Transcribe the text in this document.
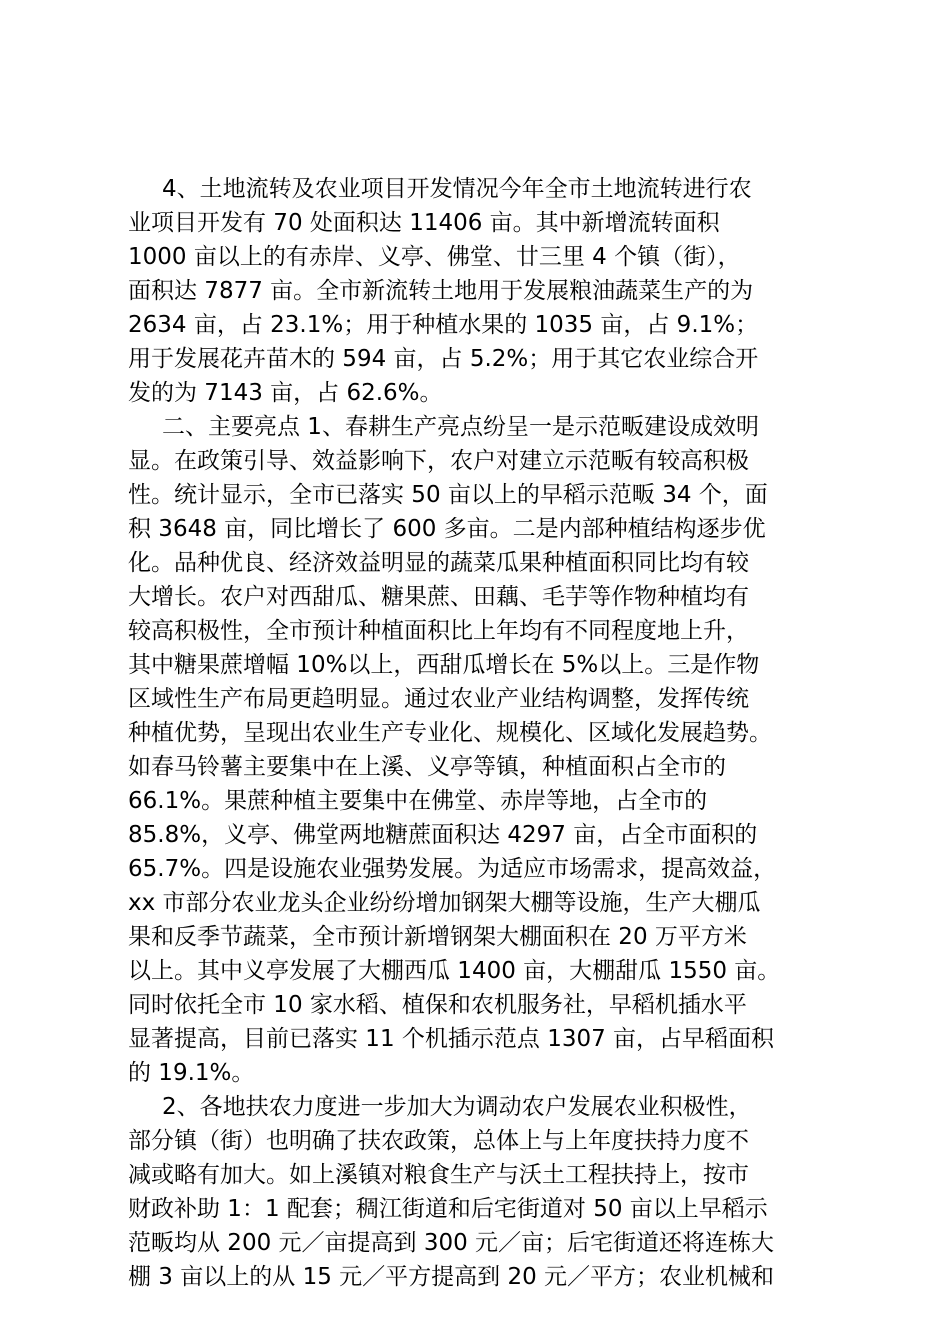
4、土地流转及农业项目开发情况今年全市土地流转进行农
业项目开发有 70 处面积达 11406 亩。其中新增流转面积
1000 亩以上的有赤岸、义亭、佛堂、廿三里 4 个镇（街），
面积达 7877 亩。全市新流转土地用于发展粮油蔬菜生产的为
2634 亩，占 23.1%；用于种植水果的 1035 亩，占 9.1%；
用于发展花卉苗木的 594 亩，占 5.2%；用于其它农业综合开
发的为 7143 亩，占 62.6%。
二、主要亮点 1、春耕生产亮点纷呈一是示范畈建设成效明
显。在政策引导、效益影响下，农户对建立示范畈有较高积极
性。统计显示，全市已落实 50 亩以上的早稻示范畈 34 个，面
积 3648 亩，同比增长了 600 多亩。二是内部种植结构逐步优
化。品种优良、经济效益明显的蔬菜瓜果种植面积同比均有较
大增长。农户对西甜瓜、糖果蔗、田藕、毛芋等作物种植均有
较高积极性，全市预计种植面积比上年均有不同程度地上升，
其中糖果蔗增幅 10%以上，西甜瓜增长在 5%以上。三是作物
区域性生产布局更趋明显。通过农业产业结构调整，发挥传统
种植优势，呈现出农业生产专业化、规模化、区域化发展趋势。
如春马铃薯主要集中在上溪、义亭等镇，种植面积占全市的
66.1%。果蔗种植主要集中在佛堂、赤岸等地，占全市的
85.8%，义亭、佛堂两地糖蔗面积达 4297 亩，占全市面积的
65.7%。四是设施农业强势发展。为适应市场需求，提高效益，
xx 市部分农业龙头企业纷纷增加钢架大棚等设施，生产大棚瓜
果和反季节蔬菜，全市预计新增钢架大棚面积在 20 万平方米
以上。其中义亭发展了大棚西瓜 1400 亩，大棚甜瓜 1550 亩。
同时依托全市 10 家水稻、植保和农机服务社，早稻机插水平
显著提高，目前已落实 11 个机插示范点 1307 亩，占早稻面积
的 19.1%。
2、各地扶农力度进一步加大为调动农户发展农业积极性，
部分镇（街）也明确了扶农政策，总体上与上年度扶持力度不
减或略有加大。如上溪镇对粮食生产与沃土工程扶持上，按市
财政补助 1：1 配套；稠江街道和后宅街道对 50 亩以上早稻示
范畈均从 200 元／亩提高到 300 元／亩；后宅街道还将连栋大
棚 3 亩以上的从 15 元／平方提高到 20 元／平方；农业机械和
